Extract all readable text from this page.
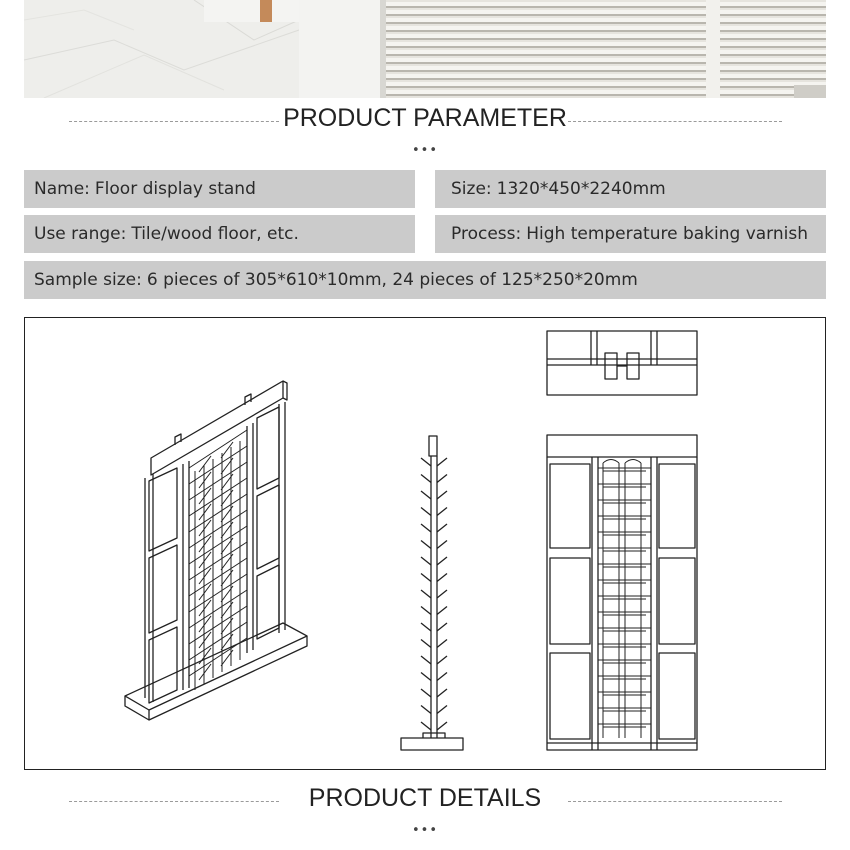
PRODUCT PARAMETER
•••
Name: Floor display stand	Size: 1320*450*2240mm
Use range: Tile/wood floor, etc.	Process: High temperature baking varnish
Sample size: 6 pieces of 305*610*10mm, 24 pieces of 125*250*20mm
PRODUCT DETAILS
•••
